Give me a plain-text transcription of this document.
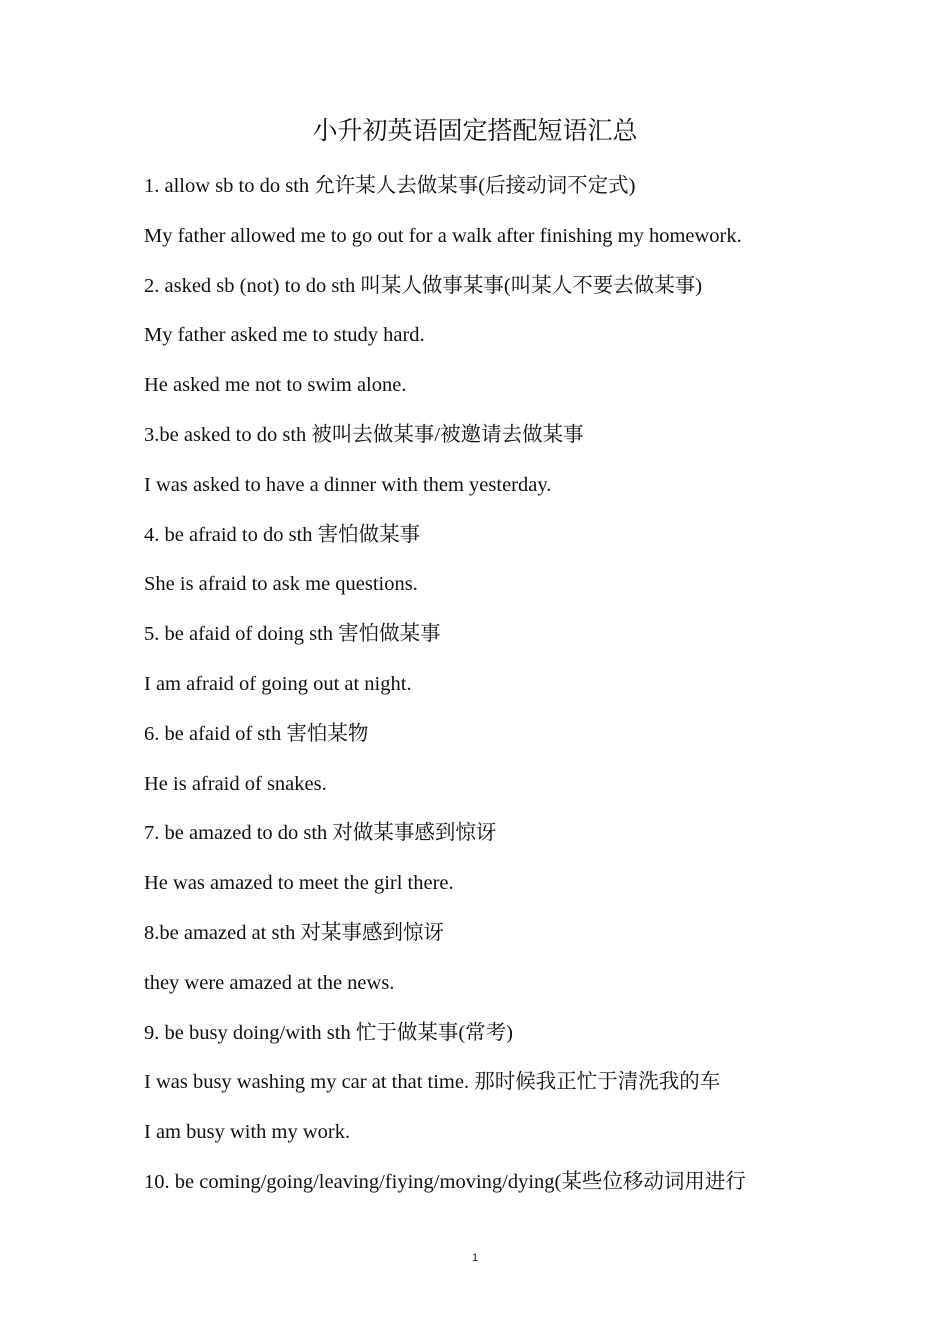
小升初英语固定搭配短语汇总
1. allow sb to do sth 允许某人去做某事(后接动词不定式)
My father allowed me to go out for a walk after finishing my homework.
2. asked sb (not) to do sth 叫某人做事某事(叫某人不要去做某事)
My father asked me to study hard.
He asked me not to swim alone.
3.be asked to do sth 被叫去做某事/被邀请去做某事
I was asked to have a dinner with them yesterday.
4. be afraid to do sth 害怕做某事
She is afraid to ask me questions.
5. be afaid of doing sth 害怕做某事
I am afraid of going out at night.
6. be afaid of sth 害怕某物
He is afraid of snakes.
7. be amazed to do sth 对做某事感到惊讶
He was amazed to meet the girl there.
8.be amazed at sth 对某事感到惊讶
they were amazed at the news.
9. be busy doing/with sth 忙于做某事(常考)
I was busy washing my car at that time. 那时候我正忙于清洗我的车
I am busy with my work.
10. be coming/going/leaving/fiying/moving/dying(某些位移动词用进行
1
